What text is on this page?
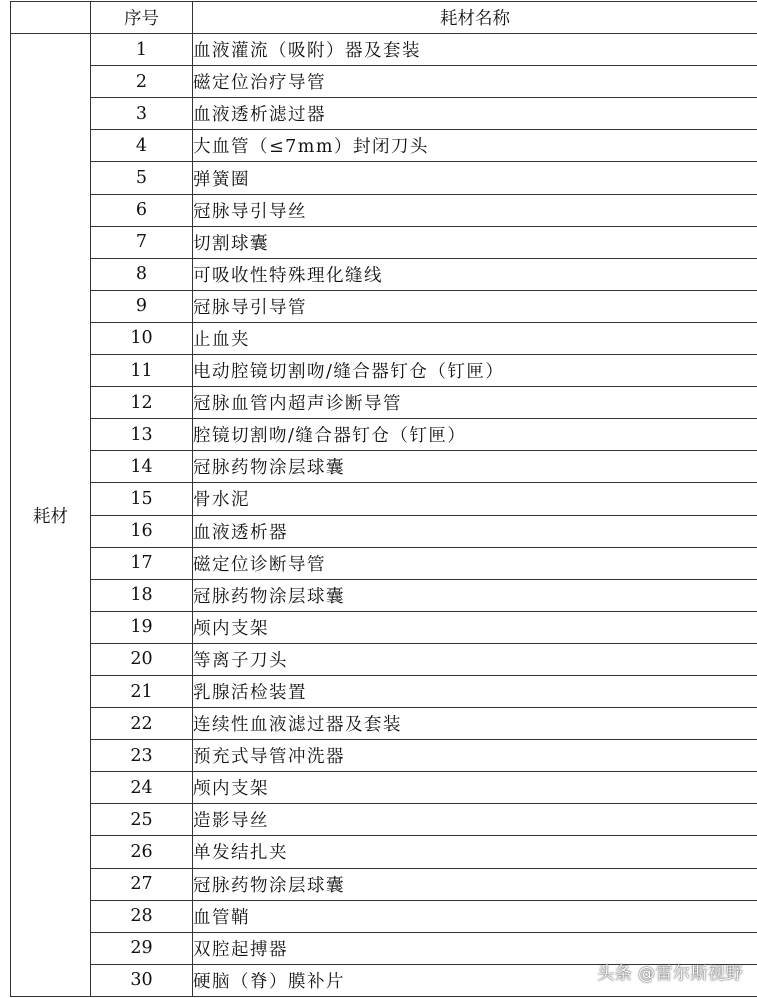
	序号	耗材名称
耗材	1	血液灌流（吸附）器及套装
	2	磁定位治疗导管
	3	血液透析滤过器
	4	大血管（≤7mm）封闭刀头
	5	弹簧圈
	6	冠脉导引导丝
	7	切割球囊
	8	可吸收性特殊理化缝线
	9	冠脉导引导管
	10	止血夹
	11	电动腔镜切割吻/缝合器钉仓（钉匣）
	12	冠脉血管内超声诊断导管
	13	腔镜切割吻/缝合器钉仓（钉匣）
	14	冠脉药物涂层球囊
	15	骨水泥
	16	血液透析器
	17	磁定位诊断导管
	18	冠脉药物涂层球囊
	19	颅内支架
	20	等离子刀头
	21	乳腺活检装置
	22	连续性血液滤过器及套装
	23	预充式导管冲洗器
	24	颅内支架
	25	造影导丝
	26	单发结扎夹
	27	冠脉药物涂层球囊
	28	血管鞘
	29	双腔起搏器
	30	硬脑（脊）膜补片	头条 @雷尔斯视野
